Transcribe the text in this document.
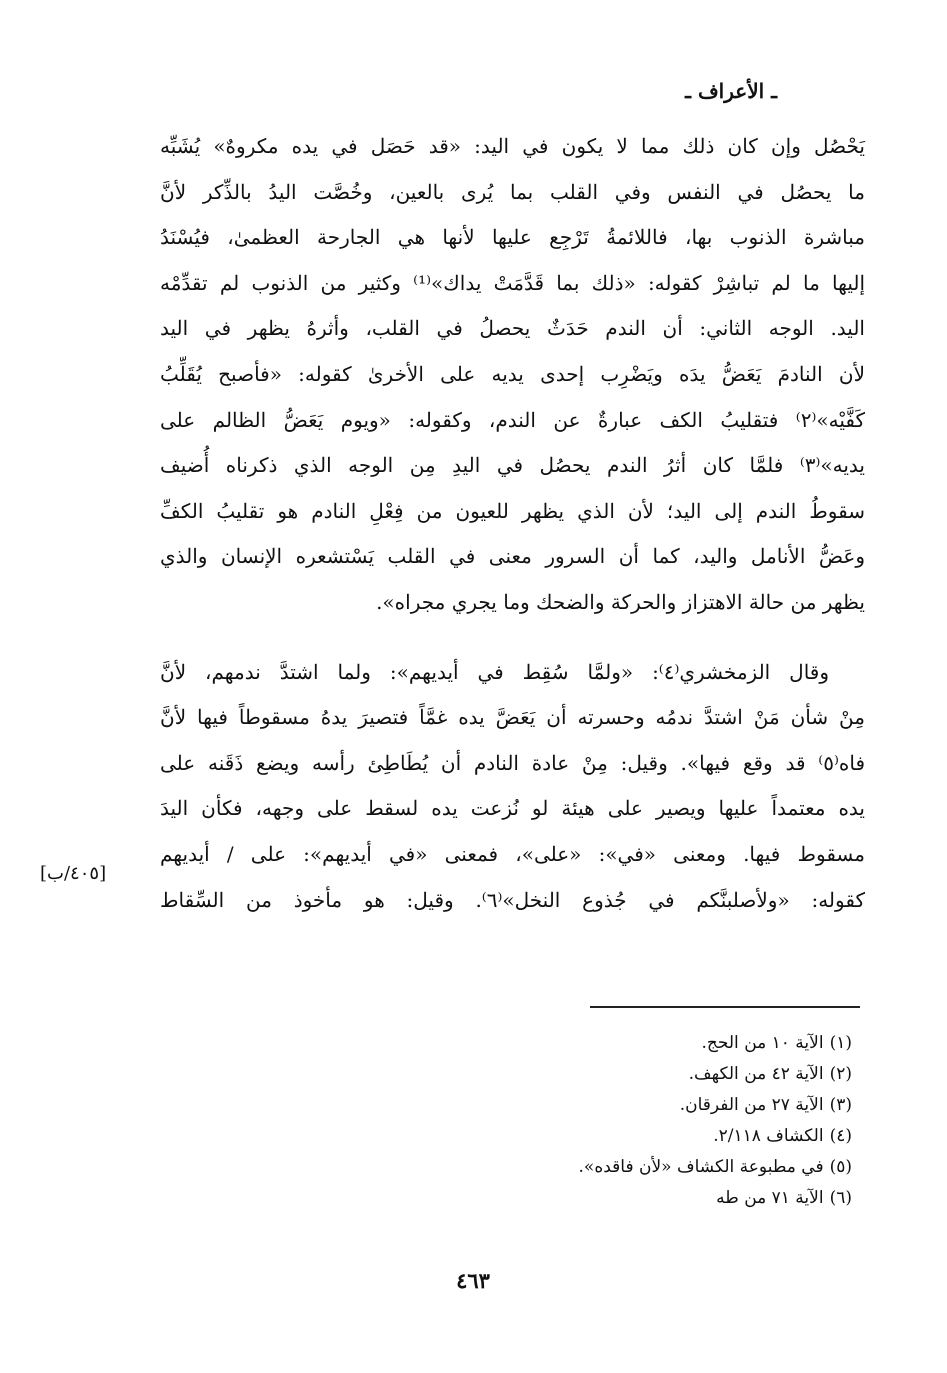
ـ الأعراف ـ
يَحْصُل وإن كان ذلك مما لا يكون في اليد: «قد حَصَل في يده مكروهٌ» يُشَبِّه
ما يحصُل في النفس وفي القلب بما يُرى بالعين، وخُصَّت اليدُ بالذِّكر لأنَّ
مباشرة الذنوب بها، فاللائمةُ تَرْجِع عليها لأنها هي الجارحة العظمىٰ، فيُسْنَدُ
إليها ما لم تباشِرْ كقوله: «ذلك بما قَدَّمَتْ يداك»⁽¹⁾ وكثير من الذنوب لم تقدِّمْه
اليد. الوجه الثاني: أن الندم حَدَثٌ يحصلُ في القلب، وأثرهُ يظهر في اليد
لأن النادمَ يَعَضُّ يدَه ويَضْرِب إحدى يديه على الأخرىٰ كقوله: «فأصبح يُقَلِّبُ
كَفَّيْه»⁽٢⁾ فتقليبُ الكف عبارةٌ عن الندم، وكقوله: «ويوم يَعَضُّ الظالم على
يديه»⁽٣⁾ فلمَّا كان أثرُ الندم يحصُل في اليدِ مِن الوجه الذي ذكرناه أُضيف
سقوطُ الندم إلى اليد؛ لأن الذي يظهر للعيون من فِعْلِ النادم هو تقليبُ الكفِّ
وعَضُّ الأنامل واليد، كما أن السرور معنى في القلب يَسْتشعره الإنسان والذي
يظهر من حالة الاهتزاز والحركة والضحك وما يجري مجراه».
وقال الزمخشري⁽٤⁾: «ولمَّا سُقِط في أيديهم»: ولما اشتدَّ ندمهم، لأنَّ
مِنْ شأن مَنْ اشتدَّ ندمُه وحسرته أن يَعَضَّ يده غمَّاً فتصيرَ يدهُ مسقوطاً فيها لأنَّ
فاه⁽٥⁾ قد وقع فيها». وقيل: مِنْ عادة النادم أن يُطَاطِئ رأسه ويضع ذَقَنه على
يده معتمداً عليها ويصير على هيئة لو نُزعت يده لسقط على وجهه، فكأن اليدَ
مسقوط فيها. ومعنى «في»: «على»، فمعنى «في أيديهم»: على / أيديهم
كقوله: «ولأصلبنَّكم في جُذوع النخل»⁽٦⁾. وقيل: هو مأخوذ من السِّقاط
[٤٠٥/ب]
(١)الآية ١٠ من الحج.
(٢)الآية ٤٢ من الكهف.
(٣)الآية ٢٧ من الفرقان.
(٤)الكشاف ٢/١١٨.
(٥)في مطبوعة الكشاف «لأن فاقده».
(٦)الآية ٧١ من طه
٤٦٣
